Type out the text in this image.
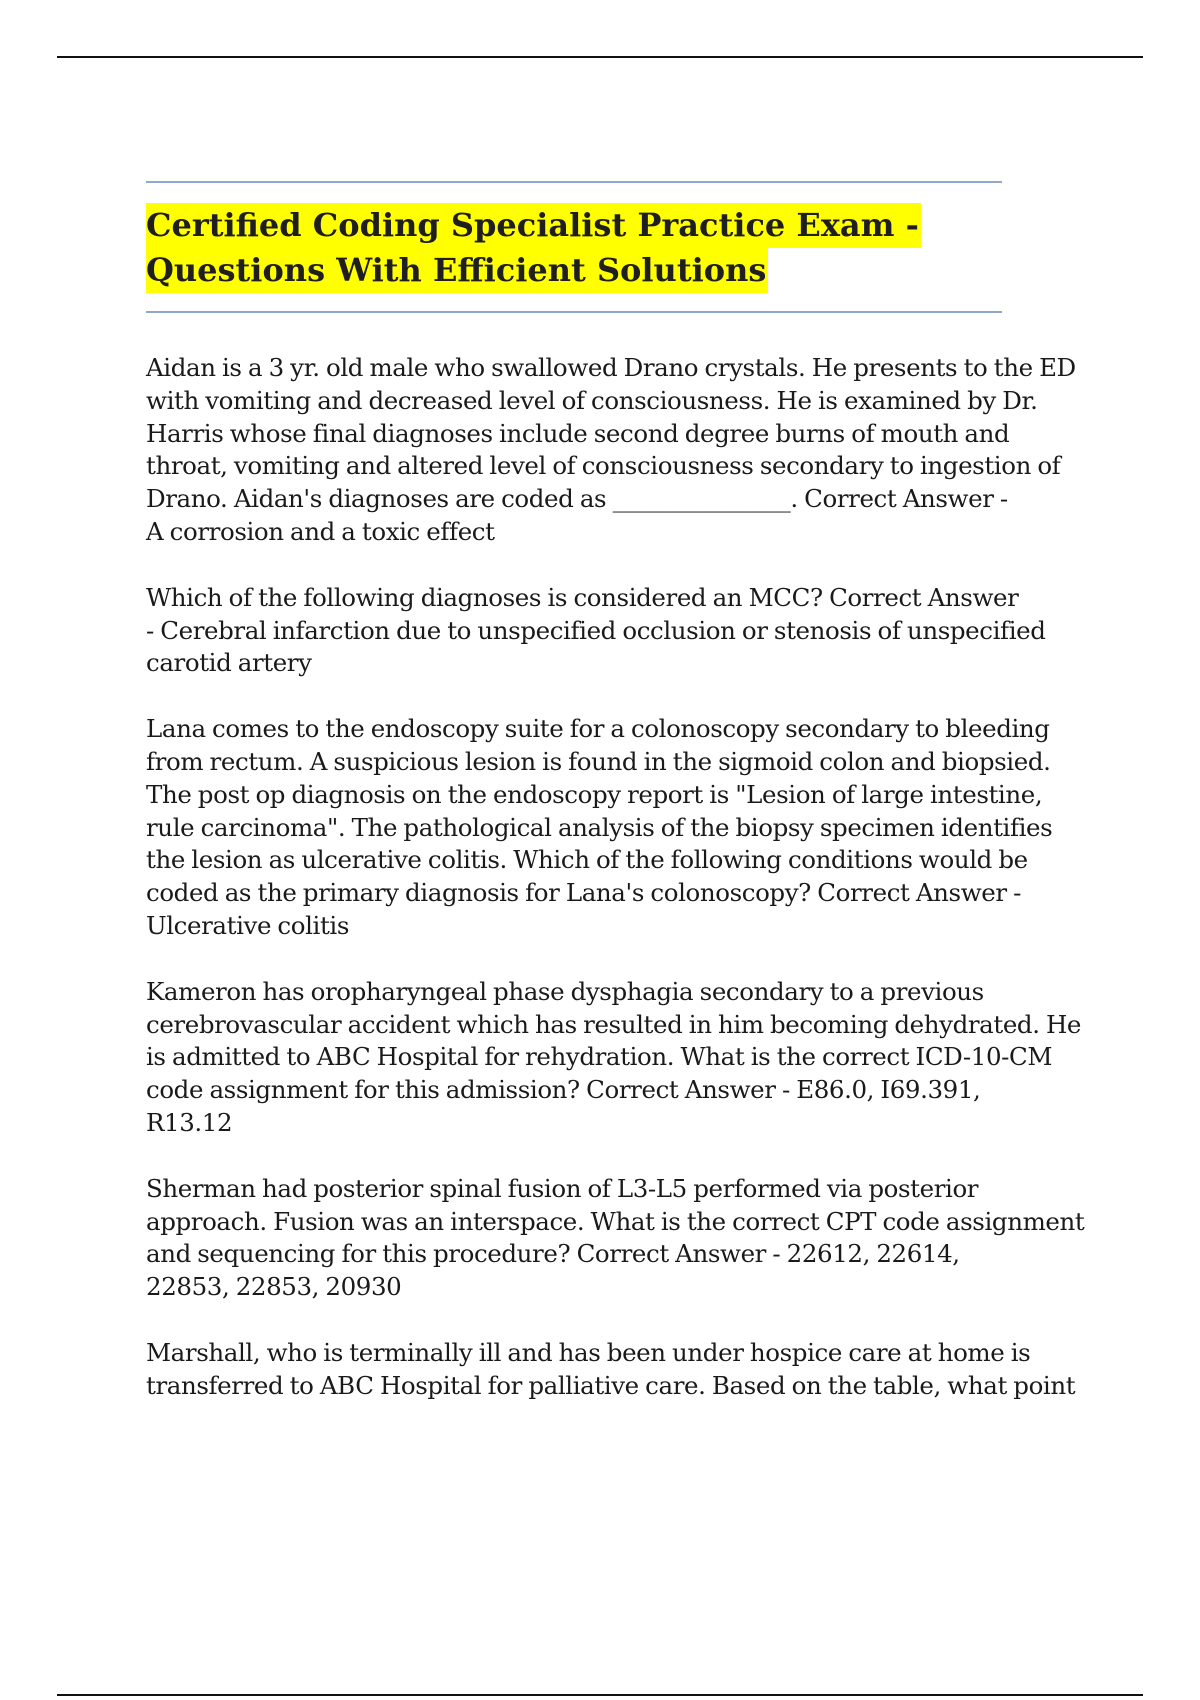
Certified Coding Specialist Practice Exam -
Questions With Efficient Solutions

Aidan is a 3 yr. old male who swallowed Drano crystals. He presents to the ED
with vomiting and decreased level of consciousness. He is examined by Dr.
Harris whose final diagnoses include second degree burns of mouth and
throat, vomiting and altered level of consciousness secondary to ingestion of
Drano. Aidan's diagnoses are coded as _______________. Correct Answer -
A corrosion and a toxic effect

Which of the following diagnoses is considered an MCC? Correct Answer
- Cerebral infarction due to unspecified occlusion or stenosis of unspecified
carotid artery

Lana comes to the endoscopy suite for a colonoscopy secondary to bleeding
from rectum. A suspicious lesion is found in the sigmoid colon and biopsied.
The post op diagnosis on the endoscopy report is "Lesion of large intestine,
rule carcinoma". The pathological analysis of the biopsy specimen identifies
the lesion as ulcerative colitis. Which of the following conditions would be
coded as the primary diagnosis for Lana's colonoscopy? Correct Answer -
Ulcerative colitis

Kameron has oropharyngeal phase dysphagia secondary to a previous
cerebrovascular accident which has resulted in him becoming dehydrated. He
is admitted to ABC Hospital for rehydration. What is the correct ICD-10-CM
code assignment for this admission? Correct Answer - E86.0, I69.391,
R13.12

Sherman had posterior spinal fusion of L3-L5 performed via posterior
approach. Fusion was an interspace. What is the correct CPT code assignment
and sequencing for this procedure? Correct Answer - 22612, 22614,
22853, 22853, 20930

Marshall, who is terminally ill and has been under hospice care at home is
transferred to ABC Hospital for palliative care. Based on the table, what point
